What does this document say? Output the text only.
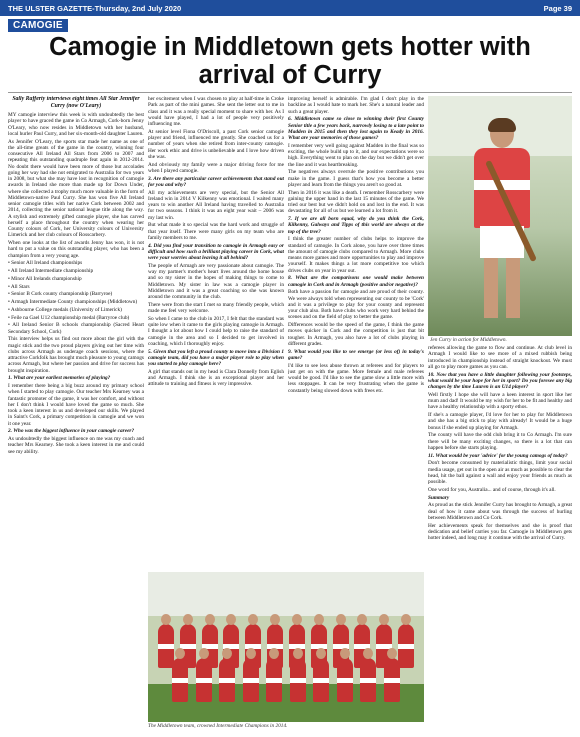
THE ULSTER GAZETTE-Thursday, 2nd July 2020	Page 39
CAMOGIE
Camogie in Middletown gets hotter with arrival of Curry

Sally Rafferty interviews eight times All Star Jennifer Curry (now O'Leary)

MY camogie interview this week is with undoubtedly the best player to have graced the game in Co Armagh, Cork-born Jenny O'Leary, who now resides in Middletown with her husband, local hurler Paul Curry, and her six-month-old daughter Lauren.

As Jennifer O'Leary, the sports star made her name as one of the all-time greats of the game in the country, winning four consecutive All Ireland All Stars from 2006 to 2007 and repeating this outstanding quadruple feat again in 2012-2014. No doubt there would have been more of those but accolades going her way had she not emigrated to Australia for two years in 2008, but what she may have lost in recognition of camogie awards in Ireland she more than made up for Down Under, where she collected a trophy much more valuable in the form of Middletown-native Paul Curry. She has won five All Ireland senior camogie titles with her native Cork between 2002 and 2014, collecting the senior national league title along the way. A stylish and extremely gifted camogie player, she has carved herself a place throughout the country when wearing her County colours of Cork, her University colours of University Limerick and her club colours of Rosscarbery.

When one looks at the list of awards Jenny has won, it is not hard to put a value on this outstanding player, who has been a champion from a very young age.

• Senior All Ireland championships

• All Ireland Intermediate championship

• Minor All Irelands championship

• All Stars

• Senior B Cork county championship (Barryroe)

• Armagh Intermediate County championships (Middletown)

• Ashbourne College medals (University of Limerick)

• Feile na Gael U12 championship medal (Barryroe club)

• All Ireland Senior B schools championship (Sacred Heart Secondary School, Cork)

This interview helps us find out more about the girl with the magic stick and the two proud players giving out her time with clubs across Armagh as underage coach sessions, where the attractive Corkfolk has brought much pleasure to young camogs across Armagh, but where her passion and drive for success has brought inspiration.

1. What are your earliest memories of playing?

I remember there being a big buzz around my primary school when I started to play camogie. Our teacher Mrs Kearney was a fantastic promoter of the game, it was her comfort, and without her I don't think I would have loved the game so much. She took a keen interest in us and developed our skills. We played in Saint's Cork, a primary competition in camogie and we won it one year.

2. Who was the biggest influence in your camogie career?

As undoubtedly the biggest influence on me was my coach and teacher Mrs Kearney. She took a keen interest in me and could see my ability.

her excitement when I was chosen to play at half-time in Croke Park as part of the mini games. She sent the letter out to me in class and it was a really special moment to share with her. As I would have played, I had a lot of people very positively influencing me.

At senior level Fiona O'Driscoll, a past Cork senior camogie player and friend, influenced me greatly. She coached us for a number of years when she retired from inter-county camogie. Her work ethic and drive is unbelievable and I love how driven she was.

And obviously my family were a major driving force for me when I played camogie.

3. Are there any particular career achievements that stand out for you and why?

All my achievements are very special, but the Senior All Ireland win in 2014 V Kilkenny was emotional. I waited many years to win another All Ireland having travelled to Australia for two seasons. I think it was an eight year wait – 2006 was my last win.

But what made it so special was the hard work and struggle of that year itself. There were many girls on my team who are family members to me.

4. Did you find your transition to camogie in Armagh easy or difficult and how such a brilliant playing career in Cork, what were your worries about leaving it all behind?

The people of Armagh are very passionate about camogie. The way my partner's mother's heart lives around the home house and so my sister in the hopes of making things to come to Middletown. My sister in law was a camogie player in Middletown and it was a great coaching so she was known around the community in the club.

There were from the start I met so many friendly people, which made me feel very welcome.

So when I came to the club in 2017, I felt that the standard was quite low when it came to the girls playing camogie in Armagh. I thought a lot about how I could help to raise the standard of camogie in the area and so I decided to get involved in coaching, which I thoroughly enjoy.

5. Given that you left a proud county to move into a Division 1 camogie team, did you have a major player role to play when you started to play camogie here?

A girl that stands out in my head is Clara Donnelly from Eglish and Armagh. I think she is an exceptional player and her attitude to training and fitness is very impressive.

improving herself is admirable. I'm glad I don't play in the backline as I would hate to mark her. She's a natural leader and such a great player.

6. Middletown came so close to winning their first County Senior title a few years back, narrowly losing to a late point to Madden in 2015 and then they lost again to Keady in 2016. What are your memories of those games?

I remember very well going against Madden in the final was so exciting, the whole build up to it, and our expectations were so high. Everything went to plan on the day but we didn't get over the line and it was heartbreaking.

The negatives always overrule the positive contributions you make in the game. I guess that's how you become a better player and learn from the things you aren't so good at.

Then in 2016 it was like a death. I remember Rosscarbery were gaining the upper hand in the last 15 minutes of the game. We tried our best but we didn't hold on and lost in the end. It was devastating for all of us but we learned a lot from it.

7. If we are all born equal, why do you think the Cork, Kilkenny, Galways and Tipps of this world are always at the top of the tree?

I think the greater number of clubs helps to improve the standard of camogie. In Cork alone, you have over three times the amount of camogie clubs compared to Armagh. More clubs means more games and more opportunities to play and improve yourself. It makes things a lot more competitive too which drives clubs on year in year out.

8. What are the comparisons one would make between camogie in Cork and in Armagh (positive and/or negative)?

Both have a passion for camogie and are proud of their county. We were always told when representing our county to be 'Cork' and it was a privilege to play for your county and represent your club also. Both have clubs who work very hard behind the scenes and on the field of play to better the game.

Differences would be the speed of the game, I think the game moves quicker in Cork and the competition is just that bit tougher. In Armagh, you also have a lot of clubs playing in different grades.

9. What would you like to see emerge (or less of) in today's game?

I'd like to see less abuse thrown at referees and for players to just get on with the game. More female and male referees would be good. I'd like to see the game slow a little more with less stoppages. It can be very frustrating when the game is constantly being slowed down with frees etc.

Jen Curry in action for Middletown.

referees allowing the game to flow and continue. At club level in Armagh I would like to see more of a mixed rubbish being introduced in championship instead of straight knockout. We must all go to play more games as you can.

10. Now that you have a little daughter following your footsteps, what would be your hope for her in sport? Do you foresee any big changes by the time Lauren is an U14 player?

Well firstly I hope she will have a keen interest in sport like her mum and dad! It would be my wish for her to be fit and healthy and have a healthy relationship with a sporty ethos.

If she's a camogie player, I'd love for her to play for Middletown and she has a big stick to play with already! It would be a huge bonus if she ended up playing for Armagh.

The county will have the odd club bring it to Co Armagh. I'm sure there will be many exciting changes, so there is a lot that can happen before she starts playing.

11. What would be your 'advice' for the young camogs of today?

Don't become consumed by materialistic things, limit your social media usage, get out in the open air as much as possible to clear the head, hit the ball against a wall and enjoy your friends as much as possible.

One word for you, Australia... and of course, through it's all.

Summary

As proud as the stick Jennifer Curry has brought to Armagh, a great deal of how it came about was through the success of hurling between Middletown and Co Cork.

Her achievements speak for themselves and she is proof that dedication and belief carries you far. Camogie in Middletown gets hotter indeed, and long may it continue with the arrival of Curry.

The Middletown team, crowned Intermediate Champions in 2014.
